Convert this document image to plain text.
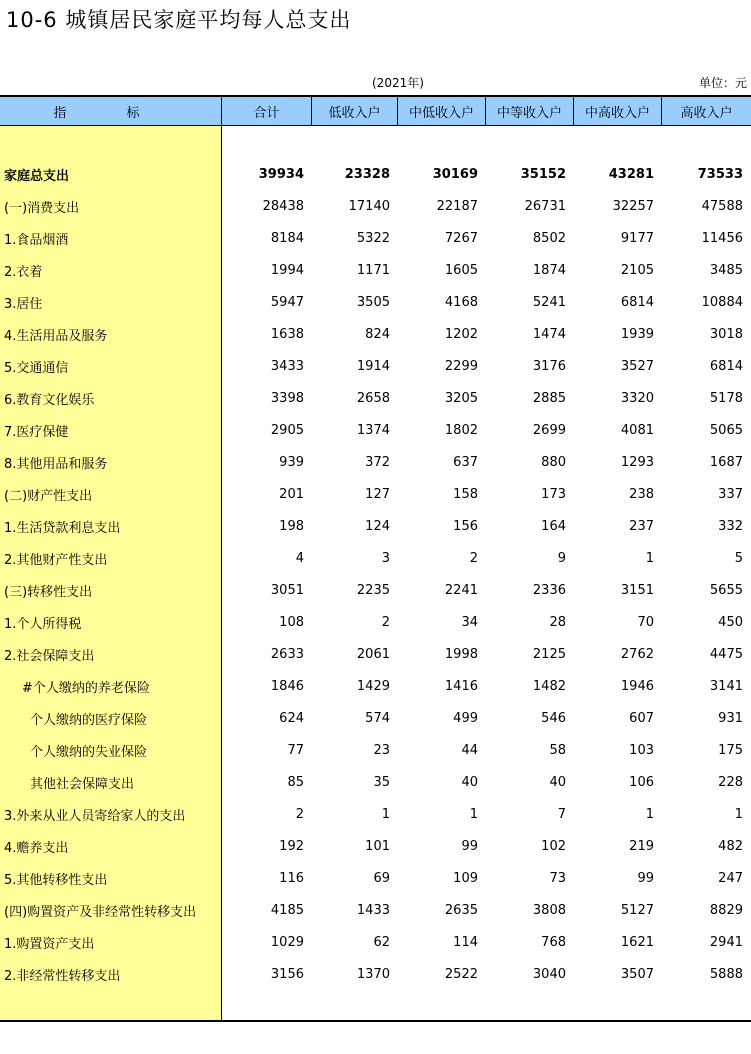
10-6 城镇居民家庭平均每人总支出
(2021年)	单位：元
指 标	合计	低收入户	中低收入户	中等收入户	中高收入户	高收入户
家庭总支出	39934	23328	30169	35152	43281	73533
(一)消费支出	28438	17140	22187	26731	32257	47588
1.食品烟酒	8184	5322	7267	8502	9177	11456
2.衣着	1994	1171	1605	1874	2105	3485
3.居住	5947	3505	4168	5241	6814	10884
4.生活用品及服务	1638	824	1202	1474	1939	3018
5.交通通信	3433	1914	2299	3176	3527	6814
6.教育文化娱乐	3398	2658	3205	2885	3320	5178
7.医疗保健	2905	1374	1802	2699	4081	5065
8.其他用品和服务	939	372	637	880	1293	1687
(二)财产性支出	201	127	158	173	238	337
1.生活贷款利息支出	198	124	156	164	237	332
2.其他财产性支出	4	3	2	9	1	5
(三)转移性支出	3051	2235	2241	2336	3151	5655
1.个人所得税	108	2	34	28	70	450
2.社会保障支出	2633	2061	1998	2125	2762	4475
#个人缴纳的养老保险	1846	1429	1416	1482	1946	3141
个人缴纳的医疗保险	624	574	499	546	607	931
个人缴纳的失业保险	77	23	44	58	103	175
其他社会保障支出	85	35	40	40	106	228
3.外来从业人员寄给家人的支出	2	1	1	7	1	1
4.赡养支出	192	101	99	102	219	482
5.其他转移性支出	116	69	109	73	99	247
(四)购置资产及非经常性转移支出	4185	1433	2635	3808	5127	8829
1.购置资产支出	1029	62	114	768	1621	2941
2.非经常性转移支出	3156	1370	2522	3040	3507	5888
